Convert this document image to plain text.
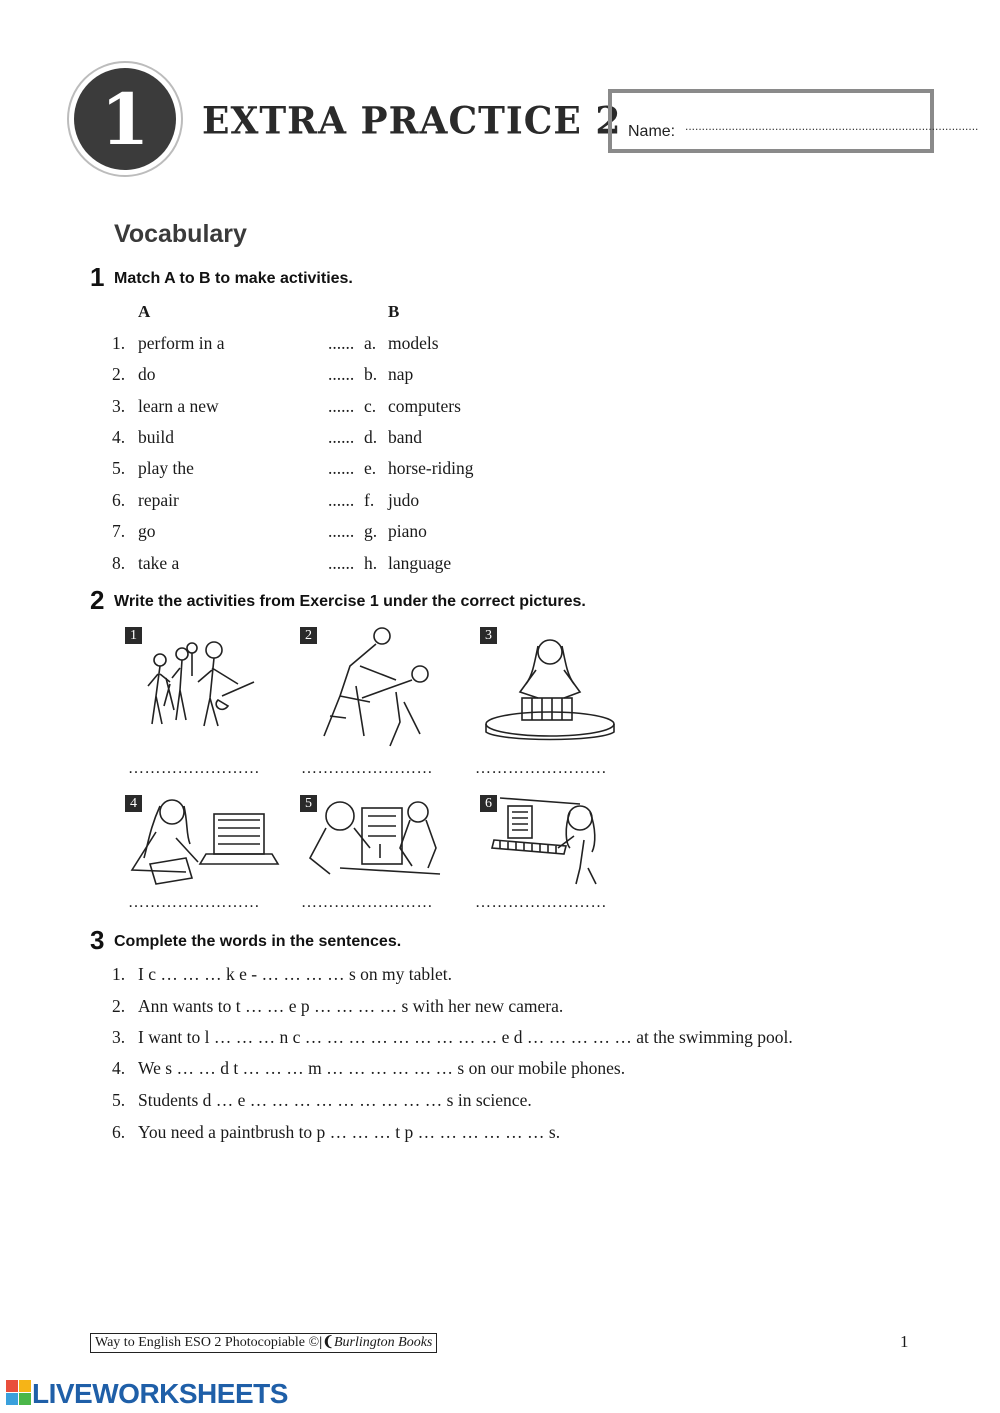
1 EXTRA PRACTICE 2 Name: ........................................................................................
Vocabulary
1 Match A to B to make activities.
A	B
1. perform in a	...... a. models
2. do	...... b. nap
3. learn a new	...... c. computers
4. build	...... d. band
5. play the	...... e. horse-riding
6. repair	...... f. judo
7. go	...... g. piano
8. take a	...... h. language
2 Write the activities from Exercise 1 under the correct pictures.
1
……………………
2
……………………
3
……………………
4
……………………
5
……………………
6
……………………
3 Complete the words in the sentences.
1. I c … … … k e - … … … … s on my tablet.
2. Ann wants to t … … e p … … … … s with her new camera.
3. I want to l … … … n c … … … … … … … … … e d … … … … … at the swimming pool.
4. We s … … d t … … … m … … … … … … s on our mobile phones.
5. Students d … e … … … … … … … … … s in science.
6. You need a paintbrush to p … … … t p … … … … … … s.
Way to English ESO 2 Photocopiable ©|❨Burlington Books	1
LIVEWORKSHEETS
